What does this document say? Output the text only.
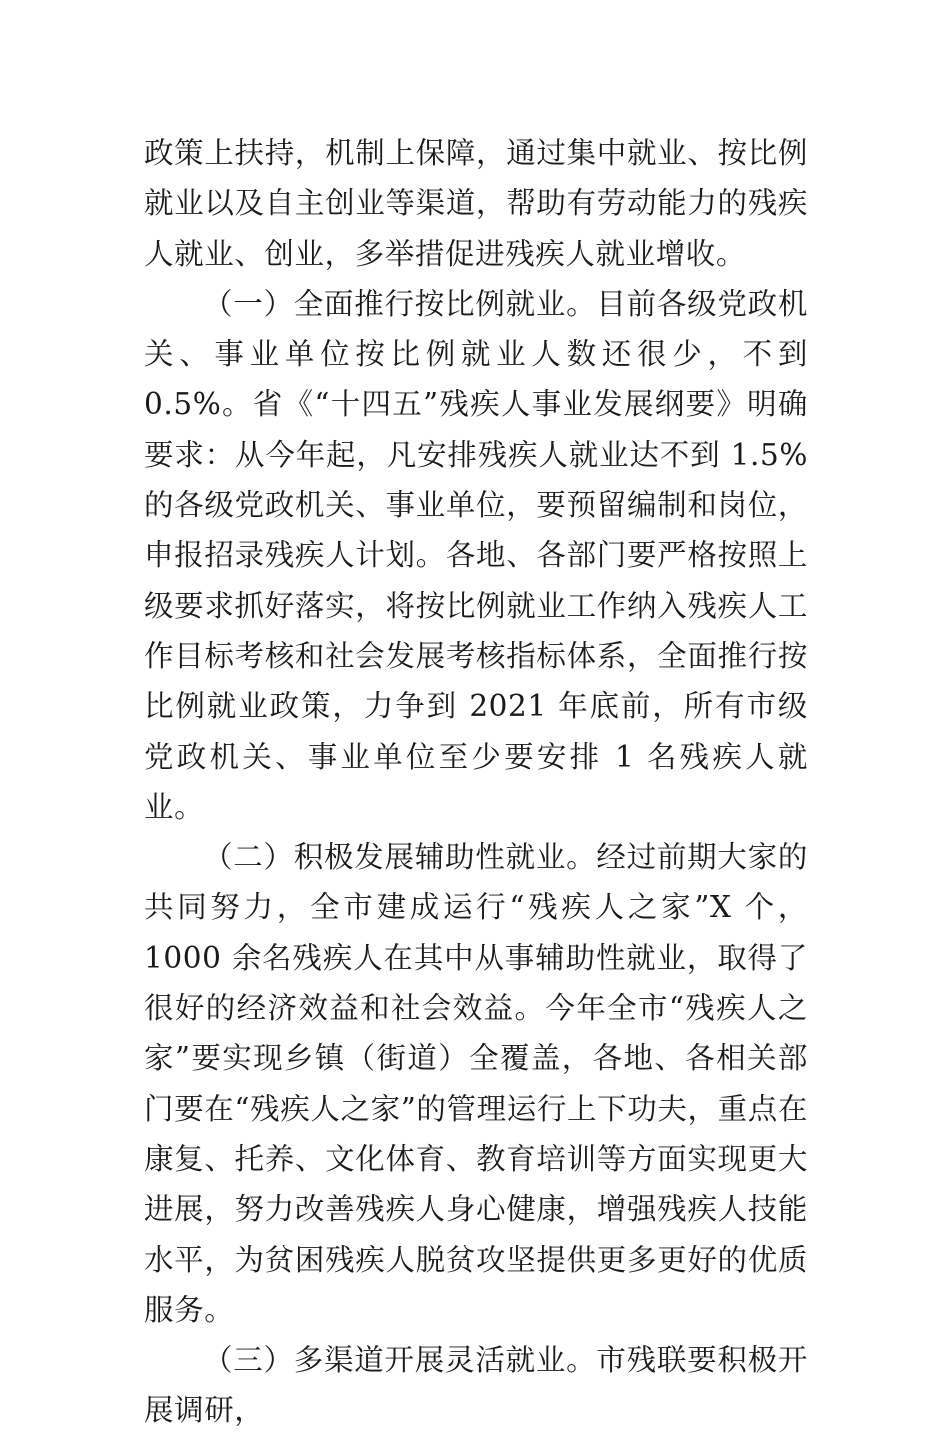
政策上扶持，机制上保障，通过集中就业、按比例就业以及自主创业等渠道，帮助有劳动能力的残疾人就业、创业，多举措促进残疾人就业增收。

（一）全面推行按比例就业。目前各级党政机关、事业单位按比例就业人数还很少，不到 0.5%。省《“十四五”残疾人事业发展纲要》明确要求：从今年起，凡安排残疾人就业达不到 1.5%的各级党政机关、事业单位，要预留编制和岗位，申报招录残疾人计划。各地、各部门要严格按照上级要求抓好落实，将按比例就业工作纳入残疾人工作目标考核和社会发展考核指标体系，全面推行按比例就业政策，力争到 2021 年底前，所有市级党政机关、事业单位至少要安排 1 名残疾人就业。

（二）积极发展辅助性就业。经过前期大家的共同努力，全市建成运行“残疾人之家”X 个，1000 余名残疾人在其中从事辅助性就业，取得了很好的经济效益和社会效益。今年全市“残疾人之家”要实现乡镇（街道）全覆盖，各地、各相关部门要在“残疾人之家”的管理运行上下功夫，重点在康复、托养、文化体育、教育培训等方面实现更大进展，努力改善残疾人身心健康，增强残疾人技能水平，为贫困残疾人脱贫攻坚提供更多更好的优质服务。

（三）多渠道开展灵活就业。市残联要积极开展调研，
